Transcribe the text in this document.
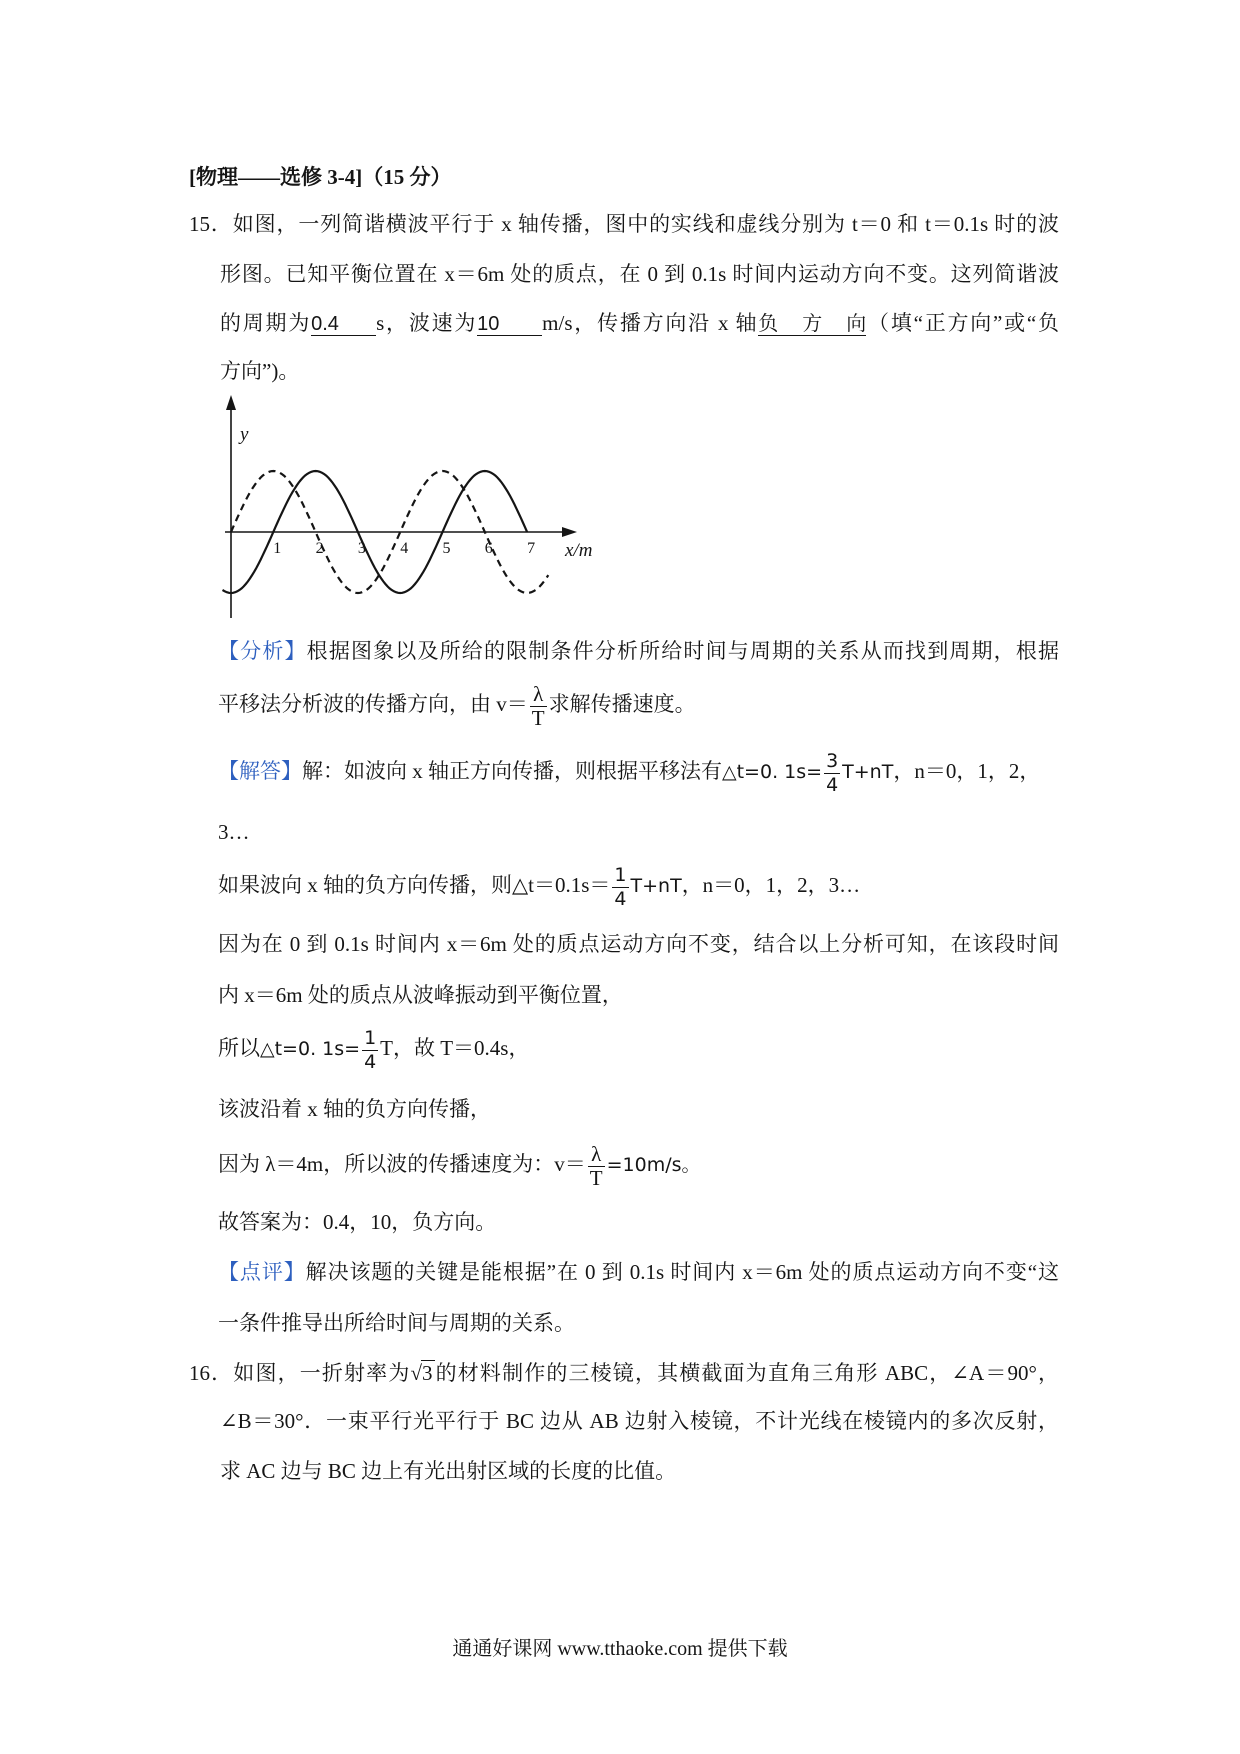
[物理——选修 3-4]（15 分）
15．如图，一列简谐横波平行于 x 轴传播，图中的实线和虚线分别为 t＝0 和 t＝0.1s 时的波
形图。已知平衡位置在 x＝6m 处的质点，在 0 到 0.1s 时间内运动方向不变。这列简谐波
的周期为0.4 s，波速为10 m/s，传播方向沿 x 轴负方向（填“正方向”或“负
方向”)。
y
x/m
1 2 3 4 5 6 7
【分析】根据图象以及所给的限制条件分析所给时间与周期的关系从而找到周期，根据
平移法分析波的传播方向，由 $v= \frac{\lambda}{T}$ 求解传播速度。
【解答】解：如波向 x 轴正方向传播，则根据平移法有△t=0. $1s= \frac{3}{4} T+nT$，n＝0，1，2，
3…
如果波向 x 轴的负方向传播，则△t＝0.1s＝ $\frac{1}{4} T+nT$，n＝0，1，2，3…
因为在 0 到 0.1s 时间内 x＝6m 处的质点运动方向不变，结合以上分析可知，在该段时间
内 x＝6m 处的质点从波峰振动到平衡位置，
所以△t=0. $1s= \frac{1}{4}$ T，故 T＝0.4s，
该波沿着 x 轴的负方向传播，
因为 λ＝4m，所以波的传播速度为：$v= \frac{\lambda}{T} =10m/s$。
故答案为：0.4，10，负方向。
【点评】解决该题的关键是能根据”在 0 到 0.1s 时间内 x＝6m 处的质点运动方向不变“这
一条件推导出所给时间与周期的关系。
16．如图，一折射率为√3的材料制作的三棱镜，其横截面为直角三角形 ABC，∠A＝90°，
∠B＝30°．一束平行光平行于 BC 边从 AB 边射入棱镜，不计光线在棱镜内的多次反射，
求 AC 边与 BC 边上有光出射区域的长度的比值。
通通好课网 www.tthaoke.com 提供下载
